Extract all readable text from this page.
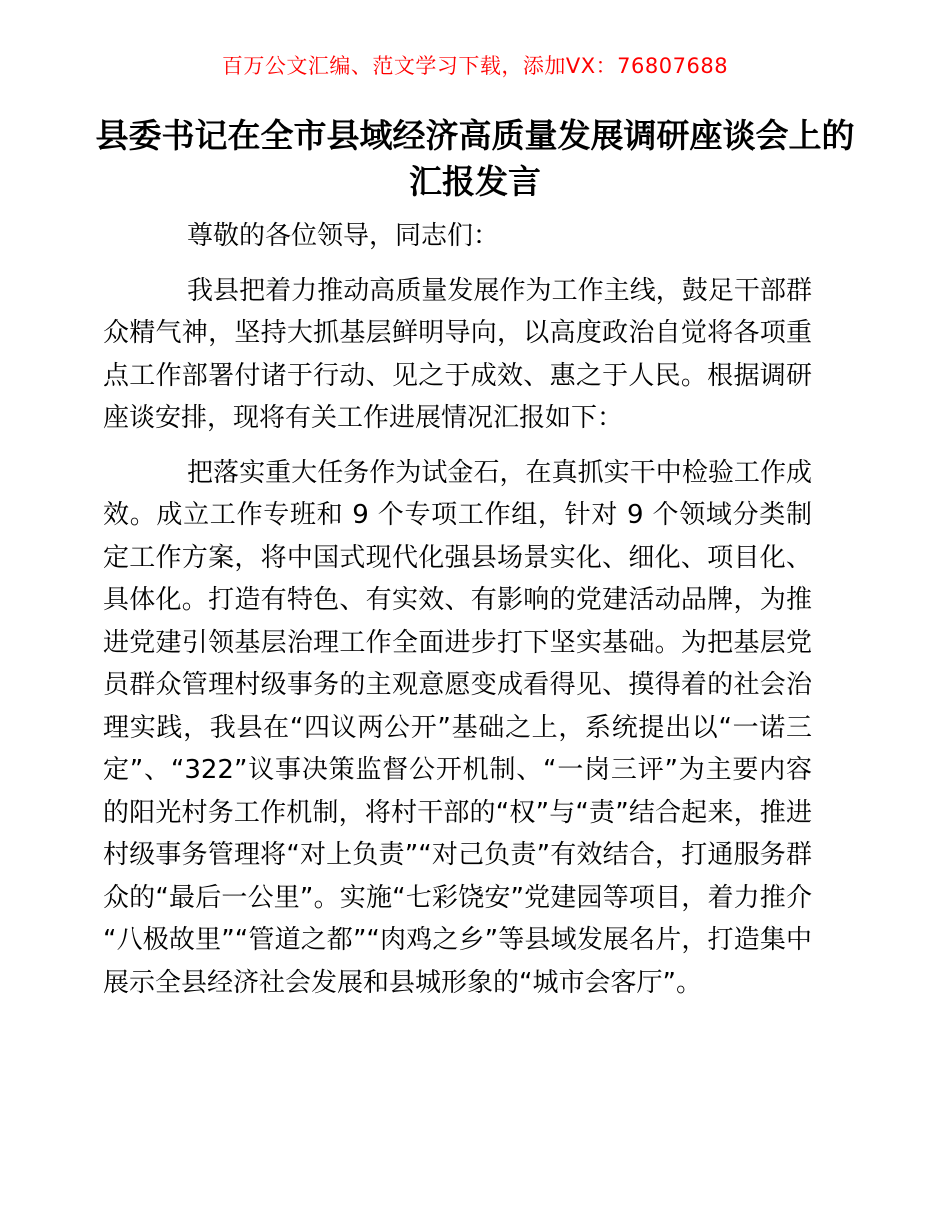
百万公文汇编、范文学习下载，添加VX：76807688
县委书记在全市县域经济高质量发展调研座谈会上的汇报发言

尊敬的各位领导，同志们：

我县把着力推动高质量发展作为工作主线，鼓足干部群众精气神，坚持大抓基层鲜明导向，以高度政治自觉将各项重点工作部署付诸于行动、见之于成效、惠之于人民。根据调研座谈安排，现将有关工作进展情况汇报如下：

把落实重大任务作为试金石，在真抓实干中检验工作成效。成立工作专班和 9 个专项工作组，针对 9 个领域分类制定工作方案，将中国式现代化强县场景实化、细化、项目化、具体化。打造有特色、有实效、有影响的党建活动品牌，为推进党建引领基层治理工作全面进步打下坚实基础。为把基层党员群众管理村级事务的主观意愿变成看得见、摸得着的社会治理实践，我县在“四议两公开”基础之上，系统提出以“一诺三定”、“322”议事决策监督公开机制、“一岗三评”为主要内容的阳光村务工作机制，将村干部的“权”与“责”结合起来，推进村级事务管理将“对上负责”“对己负责”有效结合，打通服务群众的“最后一公里”。实施“七彩饶安”党建园等项目，着力推介“八极故里”“管道之都”“肉鸡之乡”等县域发展名片，打造集中展示全县经济社会发展和县城形象的“城市会客厅”。
